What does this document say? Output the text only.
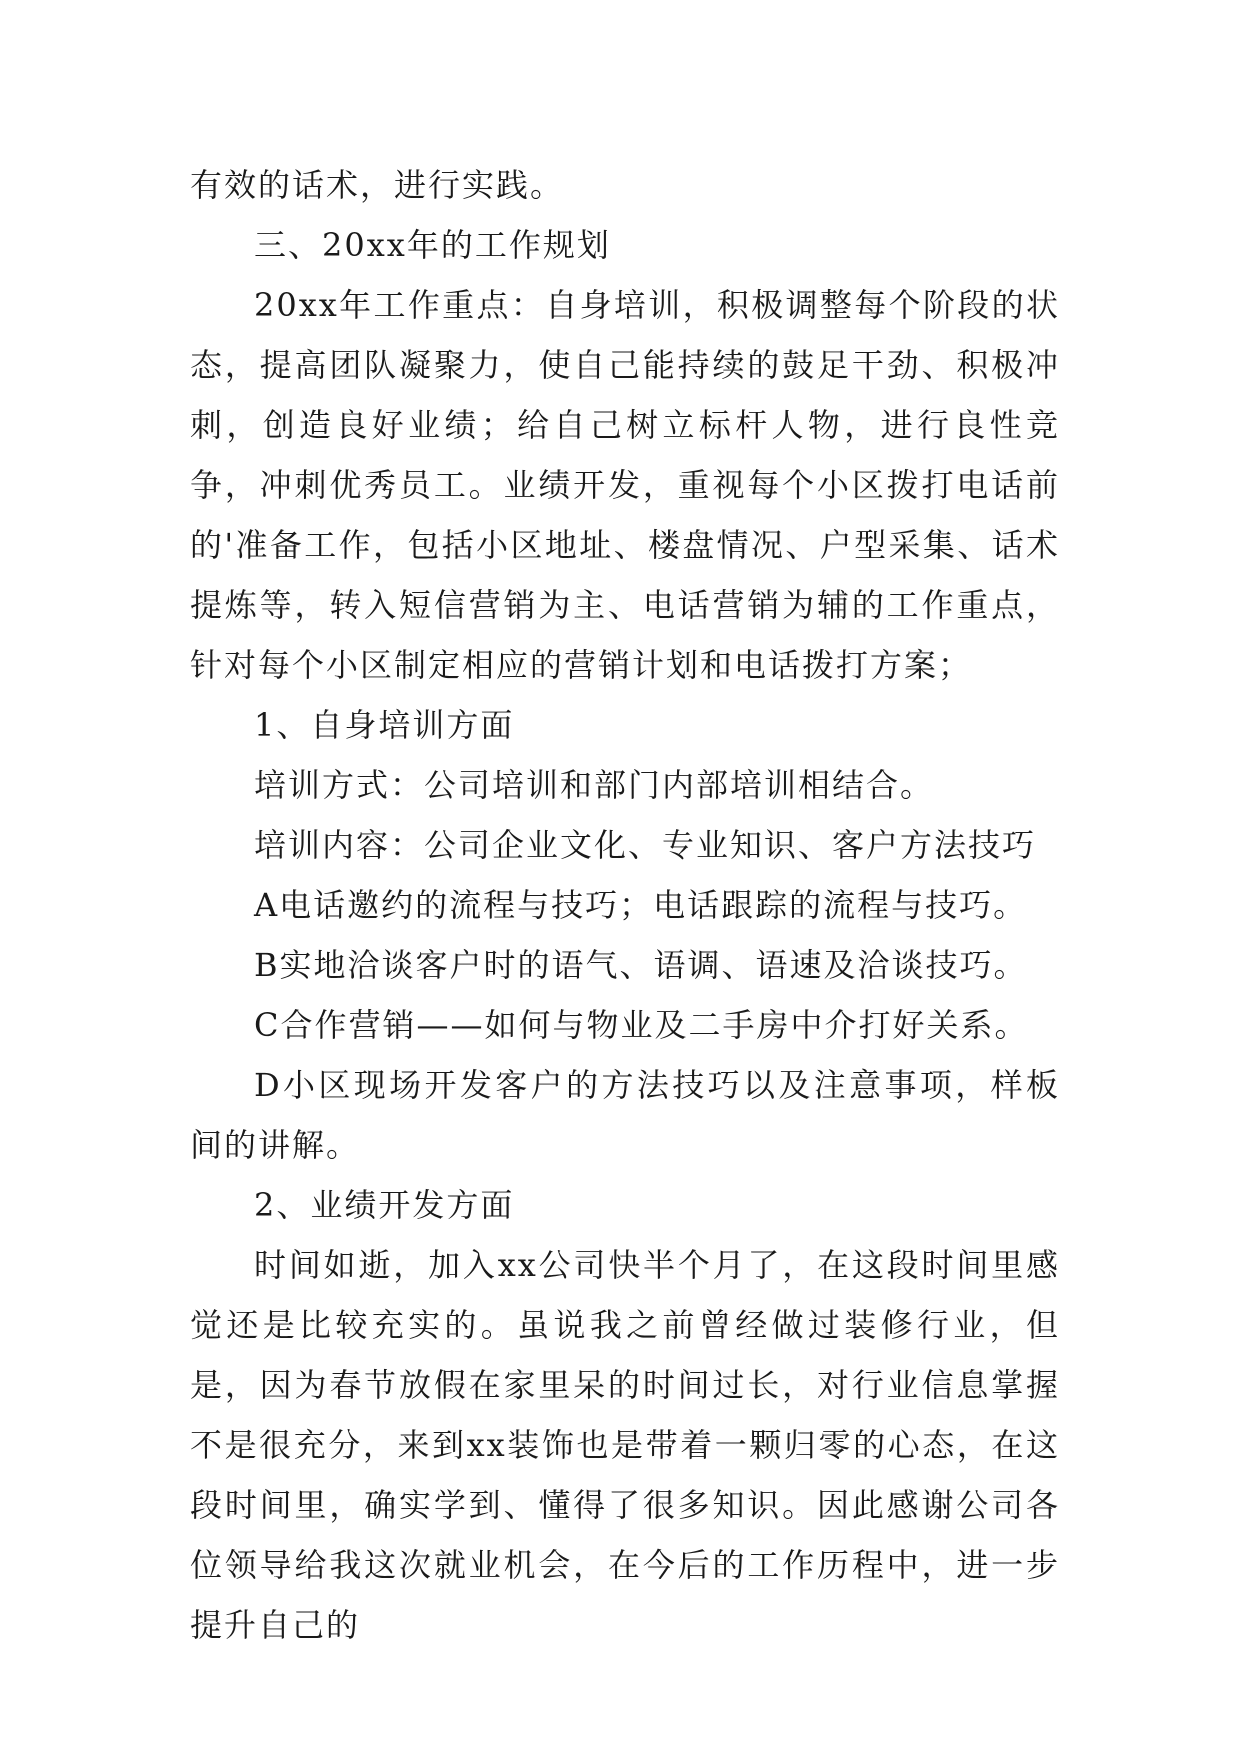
有效的话术，进行实践。

三、20xx年的工作规划

20xx年工作重点：自身培训，积极调整每个阶段的状态，提高团队凝聚力，使自己能持续的鼓足干劲、积极冲刺，创造良好业绩；给自己树立标杆人物，进行良性竞争，冲刺优秀员工。业绩开发，重视每个小区拨打电话前的'准备工作，包括小区地址、楼盘情况、户型采集、话术提炼等，转入短信营销为主、电话营销为辅的工作重点，针对每个小区制定相应的营销计划和电话拨打方案；

1、自身培训方面

培训方式：公司培训和部门内部培训相结合。

培训内容：公司企业文化、专业知识、客户方法技巧

A电话邀约的流程与技巧；电话跟踪的流程与技巧。

B实地洽谈客户时的语气、语调、语速及洽谈技巧。

C合作营销——如何与物业及二手房中介打好关系。

D小区现场开发客户的方法技巧以及注意事项，样板间的讲解。

2、业绩开发方面

时间如逝，加入xx公司快半个月了，在这段时间里感觉还是比较充实的。虽说我之前曾经做过装修行业，但是，因为春节放假在家里呆的时间过长，对行业信息掌握不是很充分，来到xx装饰也是带着一颗归零的心态，在这段时间里，确实学到、懂得了很多知识。因此感谢公司各位领导给我这次就业机会，在今后的工作历程中，进一步提升自己的
